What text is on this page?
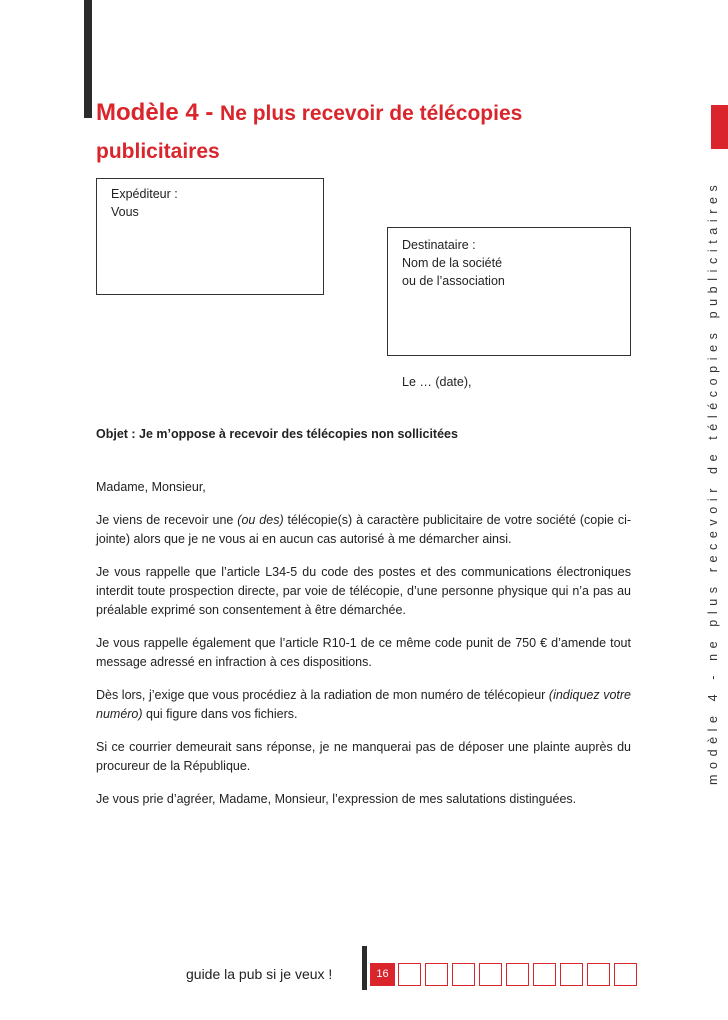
Modèle 4 - Ne plus recevoir de télécopies
publicitaires
modèle 4 - ne plus recevoir de télécopies publicitaires
Expéditeur :
Vous
Destinataire :
Nom de la société
ou de l’association
Le … (date),
Objet : Je m’oppose à recevoir des télécopies non sollicitées

Madame, Monsieur,

Je viens de recevoir une (ou des) télécopie(s) à caractère publicitaire de votre société (copie ci-jointe) alors que je ne vous ai en aucun cas autorisé à me démarcher ainsi.

Je vous rappelle que l’article L34-5 du code des postes et des communications électroniques interdit toute prospection directe, par voie de télécopie, d’une personne physique qui n’a pas au préalable exprimé son consentement à être démarchée.

Je vous rappelle également que l’article R10-1 de ce même code punit de 750 € d’amende tout message adressé en infraction à ces dispositions.

Dès lors, j’exige que vous procédiez à la radiation de mon numéro de télécopieur (indiquez votre numéro) qui figure dans vos fichiers.

Si ce courrier demeurait sans réponse, je ne manquerai pas de déposer une plainte auprès du procureur de la République.

Je vous prie d’agréer, Madame, Monsieur, l’expression de mes salutations distinguées.

guide la pub si je veux !	16
